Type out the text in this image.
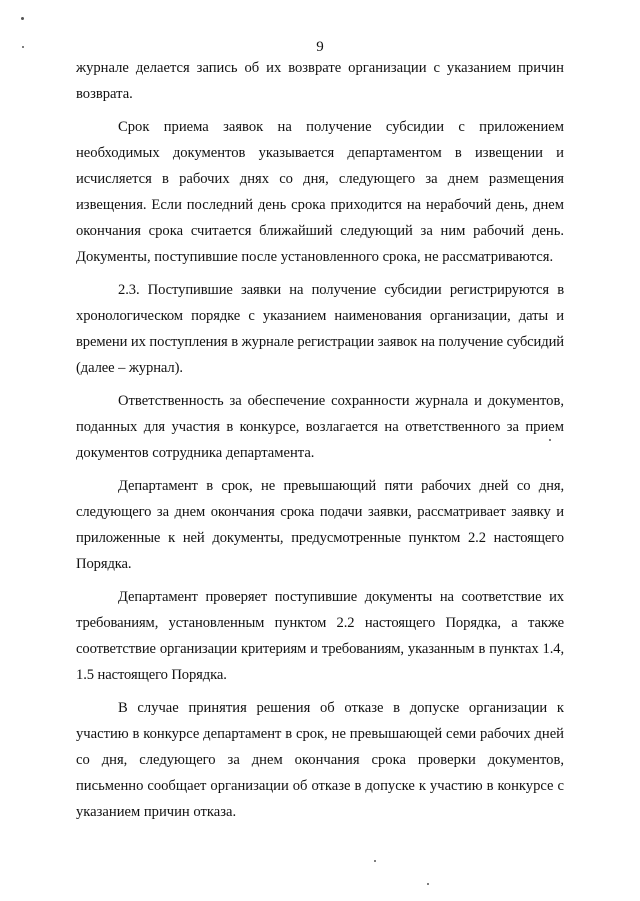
9

журнале делается запись об их возврате организации с указанием причин возврата.

Срок приема заявок на получение субсидии с приложением необходимых документов указывается департаментом в извещении и исчисляется в рабочих днях со дня, следующего за днем размещения извещения. Если последний день срока приходится на нерабочий день, днем окончания срока считается ближайший следующий за ним рабочий день. Документы, поступившие после установленного срока, не рассматриваются.

2.3. Поступившие заявки на получение субсидии регистрируются в хронологическом порядке с указанием наименования организации, даты и времени их поступления в журнале регистрации заявок на получение субсидий (далее – журнал).

Ответственность за обеспечение сохранности журнала и документов, поданных для участия в конкурсе, возлагается на ответственного за прием документов сотрудника департамента.

Департамент в срок, не превышающий пяти рабочих дней со дня, следующего за днем окончания срока подачи заявки, рассматривает заявку и приложенные к ней документы, предусмотренные пунктом 2.2 настоящего Порядка.

Департамент проверяет поступившие документы на соответствие их требованиям, установленным пунктом 2.2 настоящего Порядка, а также соответствие организации критериям и требованиям, указанным в пунктах 1.4, 1.5 настоящего Порядка.

В случае принятия решения об отказе в допуске организации к участию в конкурсе департамент в срок, не превышающей семи рабочих дней со дня, следующего за днем окончания срока проверки документов, письменно сообщает организации об отказе в допуске к участию в конкурсе с указанием причин отказа.
